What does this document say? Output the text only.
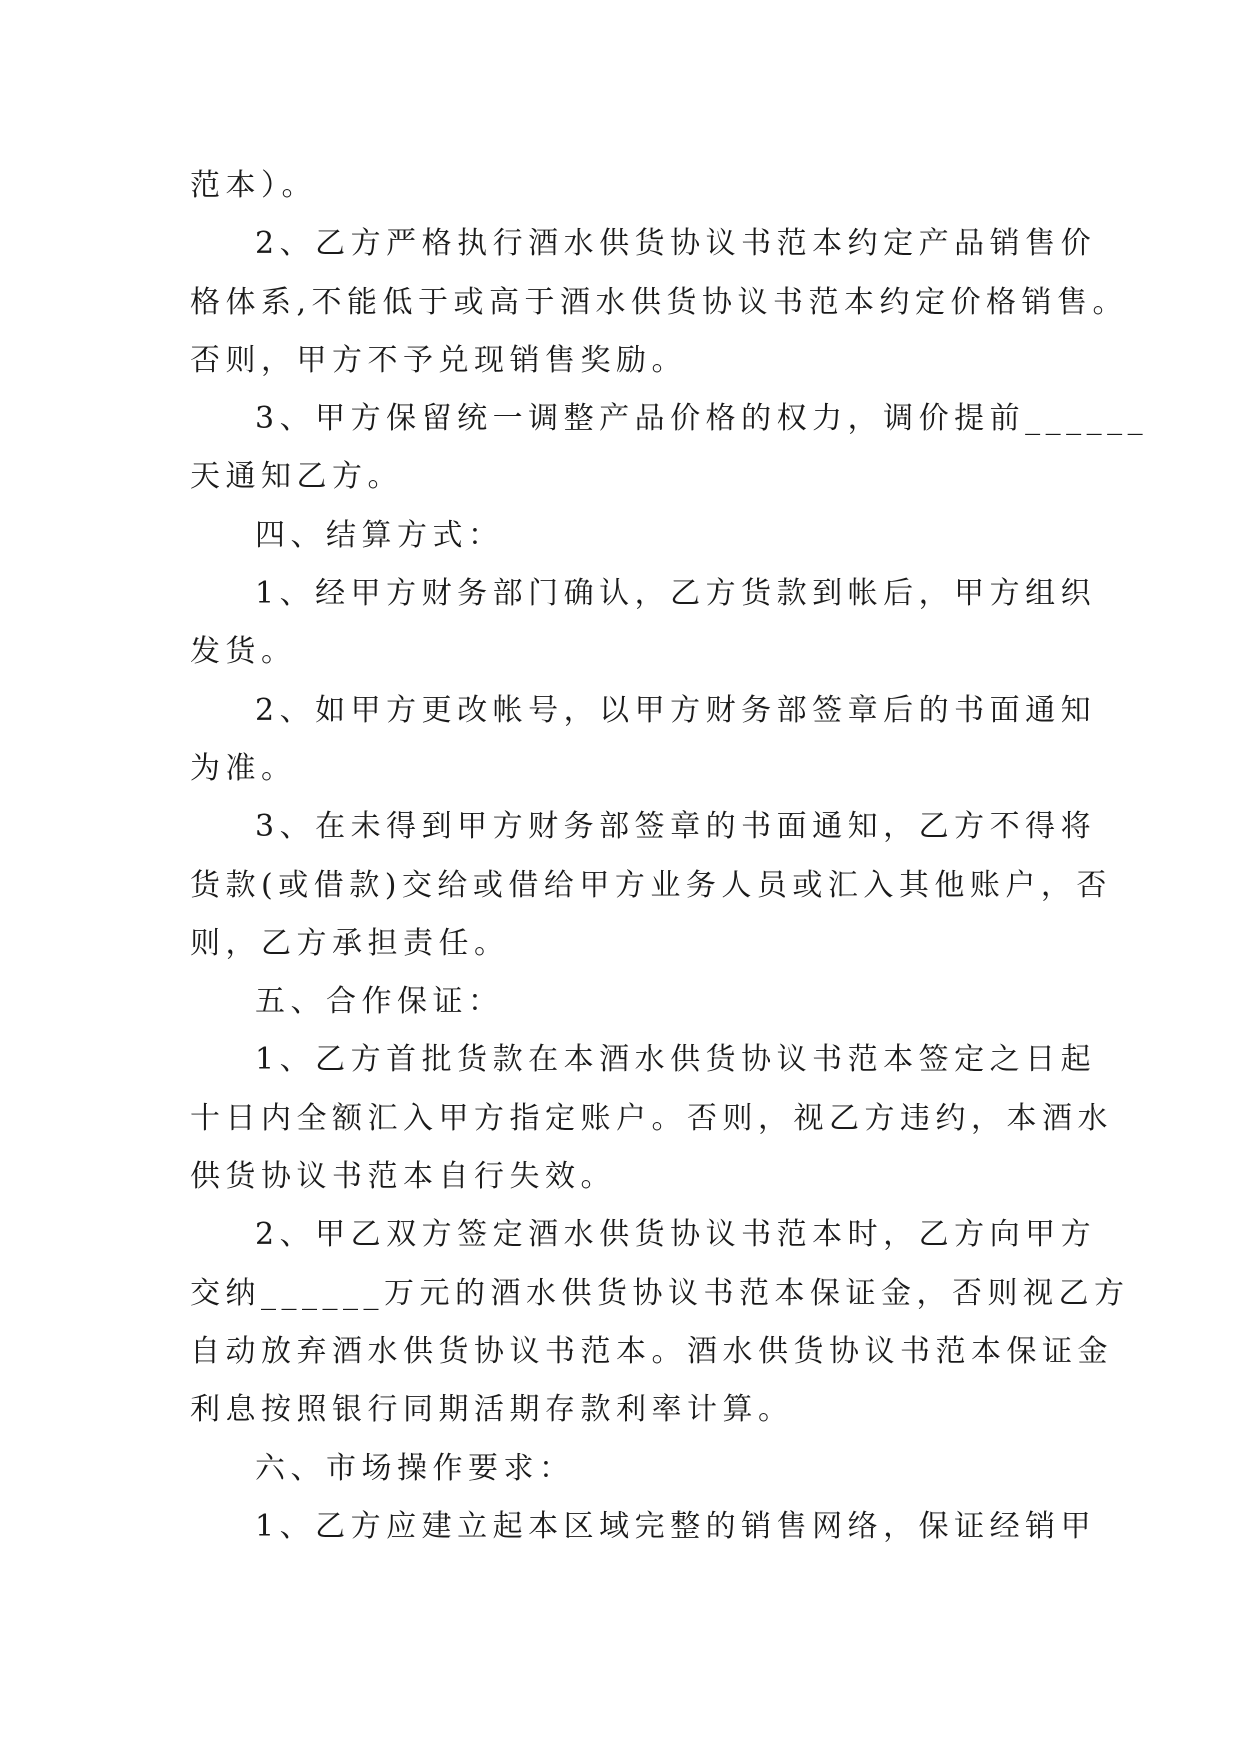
范本）。
2、乙方严格执行酒水供货协议书范本约定产品销售价
格体系,不能低于或高于酒水供货协议书范本约定价格销售。
否则，甲方不予兑现销售奖励。
3、甲方保留统一调整产品价格的权力，调价提前______
天通知乙方。
四、结算方式：
1、经甲方财务部门确认，乙方货款到帐后，甲方组织
发货。
2、如甲方更改帐号，以甲方财务部签章后的书面通知
为准。
3、在未得到甲方财务部签章的书面通知，乙方不得将
货款(或借款)交给或借给甲方业务人员或汇入其他账户，否
则，乙方承担责任。
五、合作保证：
1、乙方首批货款在本酒水供货协议书范本签定之日起
十日内全额汇入甲方指定账户。否则，视乙方违约，本酒水
供货协议书范本自行失效。
2、甲乙双方签定酒水供货协议书范本时，乙方向甲方
交纳______万元的酒水供货协议书范本保证金，否则视乙方
自动放弃酒水供货协议书范本。酒水供货协议书范本保证金
利息按照银行同期活期存款利率计算。
六、市场操作要求：
1、乙方应建立起本区域完整的销售网络，保证经销甲
